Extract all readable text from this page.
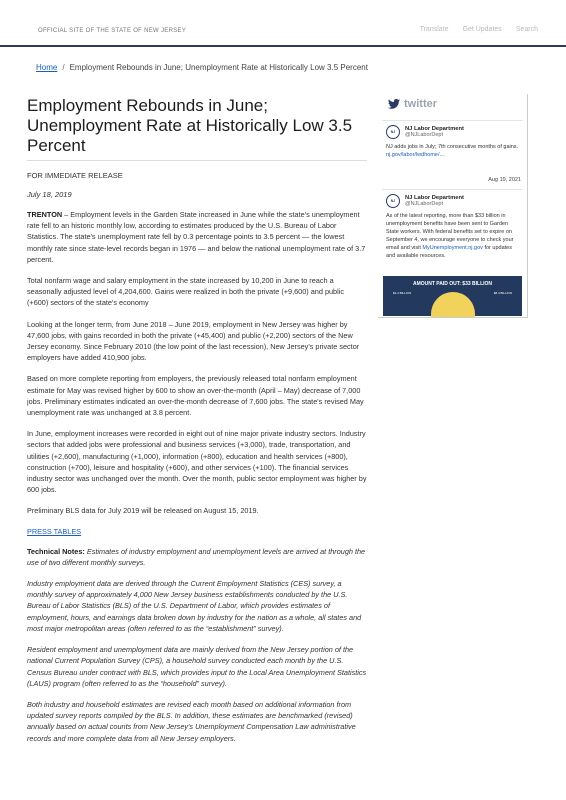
OFFICIAL SITE OF THE STATE OF NEW JERSEY	Translate Get Updates Search
Home / Employment Rebounds in June; Unemployment Rate at Historically Low 3.5 Percent
Employment Rebounds in June; Unemployment Rate at Historically Low 3.5 Percent
FOR IMMEDIATE RELEASE
July 18, 2019

TRENTON – Employment levels in the Garden State increased in June while the state's unemployment rate fell to an historic monthly low, according to estimates produced by the U.S. Bureau of Labor Statistics. The state's unemployment rate fell by 0.3 percentage points to 3.5 percent — the lowest monthly rate since state-level records began in 1976 — and below the national unemployment rate of 3.7 percent.

Total nonfarm wage and salary employment in the state increased by 10,200 in June to reach a seasonally adjusted level of 4,204,600. Gains were realized in both the private (+9,600) and public (+600) sectors of the state's economy

Looking at the longer term, from June 2018 – June 2019, employment in New Jersey was higher by 47,600 jobs, with gains recorded in both the private (+45,400) and public (+2,200) sectors of the New Jersey economy. Since February 2010 (the low point of the last recession), New Jersey's private sector employers have added 410,900 jobs.

Based on more complete reporting from employers, the previously released total nonfarm employment estimate for May was revised higher by 600 to show an over-the-month (April – May) decrease of 7,000 jobs. Preliminary estimates indicated an over-the-month decrease of 7,600 jobs. The state's revised May unemployment rate was unchanged at 3.8 percent.

In June, employment increases were recorded in eight out of nine major private industry sectors. Industry sectors that added jobs were professional and business services (+3,000), trade, transportation, and utilities (+2,600), manufacturing (+1,000), information (+800), education and health services (+800), construction (+700), leisure and hospitality (+600), and other services (+100). The financial services industry sector was unchanged over the month. Over the month, public sector employment was higher by 600 jobs.

Preliminary BLS data for July 2019 will be released on August 15, 2019.

PRESS TABLES

Technical Notes: Estimates of industry employment and unemployment levels are arrived at through the use of two different monthly surveys.

Industry employment data are derived through the Current Employment Statistics (CES) survey, a monthly survey of approximately 4,000 New Jersey business establishments conducted by the U.S. Bureau of Labor Statistics (BLS) of the U.S. Department of Labor, which provides estimates of employment, hours, and earnings data broken down by industry for the nation as a whole, all states and most major metropolitan areas (often referred to as the “establishment” survey).

Resident employment and unemployment data are mainly derived from the New Jersey portion of the national Current Population Survey (CPS), a household survey conducted each month by the U.S. Census Bureau under contract with BLS, which provides input to the Local Area Unemployment Statistics (LAUS) program (often referred to as the “household” survey).

Both industry and household estimates are revised each month based on additional information from updated survey reports compiled by the BLS. In addition, these estimates are benchmarked (revised) annually based on actual counts from New Jersey's Unemployment Compensation Law administrative records and more complete data from all New Jersey employers.

twitter
NJ	NJ Labor Department
@NJLaborDept
NJ adds jobs in July; 7th consecutive months of gains. nj.gov/labor/lwdhome/...
Aug 19, 2021
NJ	NJ Labor Department
@NJLaborDept
As of the latest reporting, more than $33 billion in unemployment benefits have been sent to Garden State workers. With federal benefits set to expire on September 4, we encourage everyone to check your email and visit MyUnemployment.nj.gov for updates and available resources.
AMOUNT PAID OUT: $33 BILLION
$2.4 BILLION	$8.4 BILLION
